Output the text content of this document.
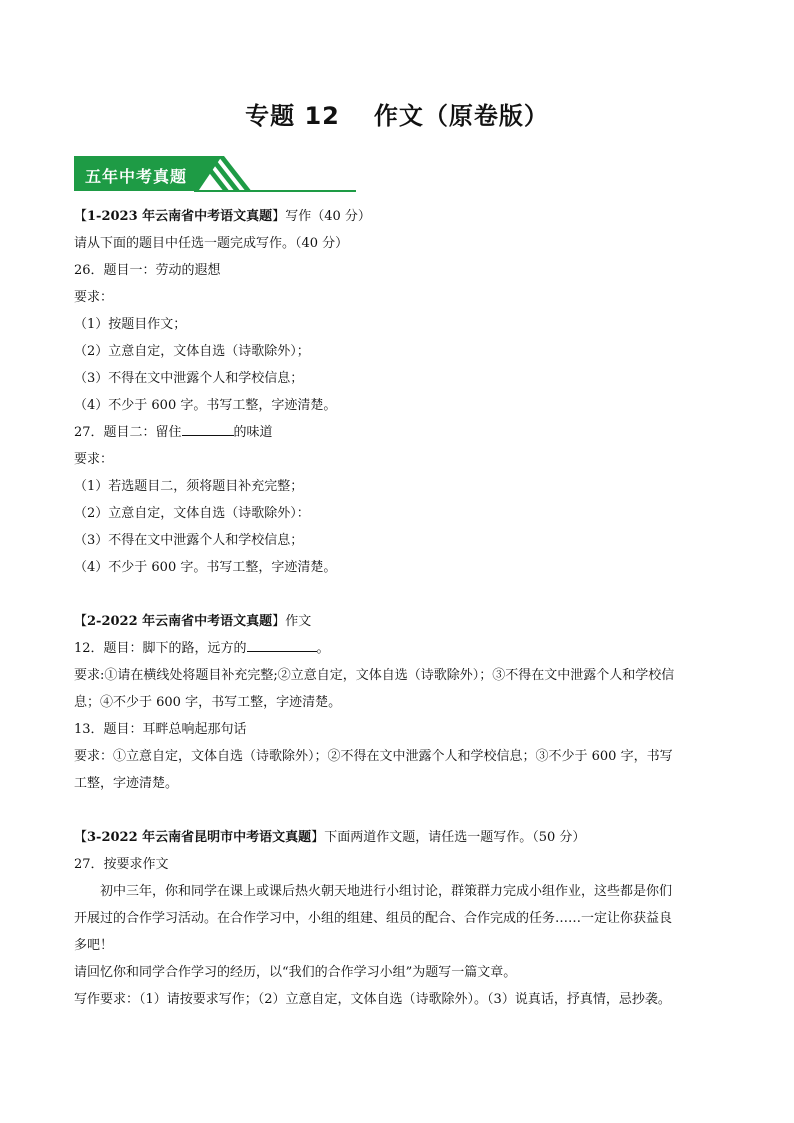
专题 12 作文（原卷版）
五年中考真题
【1-2023 年云南省中考语文真题】写作（40 分）
请从下面的题目中任选一题完成写作。（40 分）
26．题目一：劳动的遐想
要求：
（1）按题目作文；
（2）立意自定，文体自选（诗歌除外）；
（3）不得在文中泄露个人和学校信息；
（4）不少于 600 字。书写工整，字迹清楚。
27．题目二：留住	的味道
要求：
（1）若选题目二，须将题目补充完整；
（2）立意自定，文体自选（诗歌除外）：
（3）不得在文中泄露个人和学校信息；
（4）不少于 600 字。书写工整，字迹清楚。
【2-2022 年云南省中考语文真题】作文
12．题目：脚下的路，远方的	。
要求:①请在横线处将题目补充完整;②立意自定，文体自选（诗歌除外）；③不得在文中泄露个人和学校信
息；④不少于 600 字，书写工整，字迹清楚。
13．题目：耳畔总响起那句话
要求：①立意自定，文体自选（诗歌除外）；②不得在文中泄露个人和学校信息；③不少于 600 字，书写
工整，字迹清楚。
【3-2022 年云南省昆明市中考语文真题】下面两道作文题，请任选一题写作。（50 分）
27．按要求作文
初中三年，你和同学在课上或课后热火朝天地进行小组讨论，群策群力完成小组作业，这些都是你们
开展过的合作学习活动。在合作学习中，小组的组建、组员的配合、合作完成的任务……一定让你获益良
多吧！
请回忆你和同学合作学习的经历，以“我们的合作学习小组”为题写一篇文章。
写作要求：（1）请按要求写作；（2）立意自定，文体自选（诗歌除外）。（3）说真话，抒真情，忌抄袭。
